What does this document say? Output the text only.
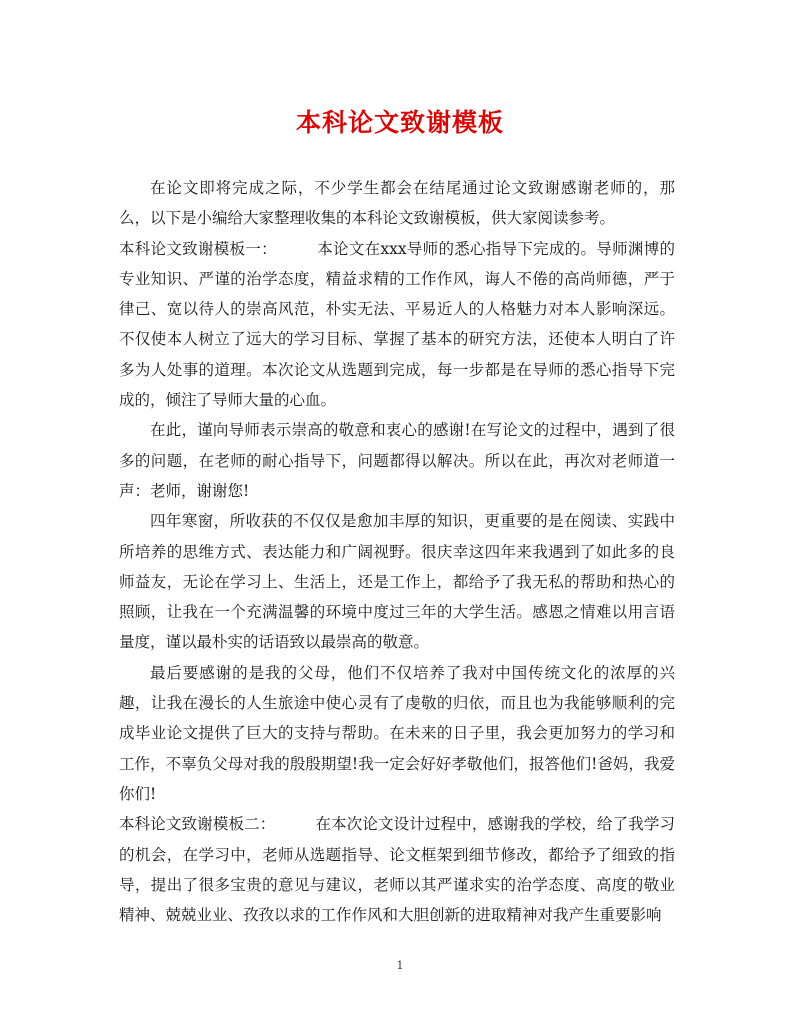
本科论文致谢模板

在论文即将完成之际，不少学生都会在结尾通过论文致谢感谢老师的，那么，以下是小编给大家整理收集的本科论文致谢模板，供大家阅读参考。

本科论文致谢模板一：	本论文在xxx导师的悉心指导下完成的。导师渊博的专业知识、严谨的治学态度，精益求精的工作作风，诲人不倦的高尚师德，严于律己、宽以待人的崇高风范，朴实无法、平易近人的人格魅力对本人影响深远。不仅使本人树立了远大的学习目标、掌握了基本的研究方法，还使本人明白了许多为人处事的道理。本次论文从选题到完成，每一步都是在导师的悉心指导下完成的，倾注了导师大量的心血。

在此，谨向导师表示崇高的敬意和衷心的感谢!在写论文的过程中，遇到了很多的问题，在老师的耐心指导下，问题都得以解决。所以在此，再次对老师道一声：老师，谢谢您!

四年寒窗，所收获的不仅仅是愈加丰厚的知识，更重要的是在阅读、实践中所培养的思维方式、表达能力和广阔视野。很庆幸这四年来我遇到了如此多的良师益友，无论在学习上、生活上，还是工作上，都给予了我无私的帮助和热心的照顾，让我在一个充满温馨的环境中度过三年的大学生活。感恩之情难以用言语量度，谨以最朴实的话语致以最崇高的敬意。

最后要感谢的是我的父母，他们不仅培养了我对中国传统文化的浓厚的兴趣，让我在漫长的人生旅途中使心灵有了虔敬的归依，而且也为我能够顺利的完成毕业论文提供了巨大的支持与帮助。在未来的日子里，我会更加努力的学习和工作，不辜负父母对我的殷殷期望!我一定会好好孝敬他们，报答他们!爸妈，我爱你们!

本科论文致谢模板二：	在本次论文设计过程中，感谢我的学校，给了我学习的机会，在学习中，老师从选题指导、论文框架到细节修改，都给予了细致的指导，提出了很多宝贵的意见与建议，老师以其严谨求实的治学态度、高度的敬业精神、兢兢业业、孜孜以求的工作作风和大胆创新的进取精神对我产生重要影响

1
